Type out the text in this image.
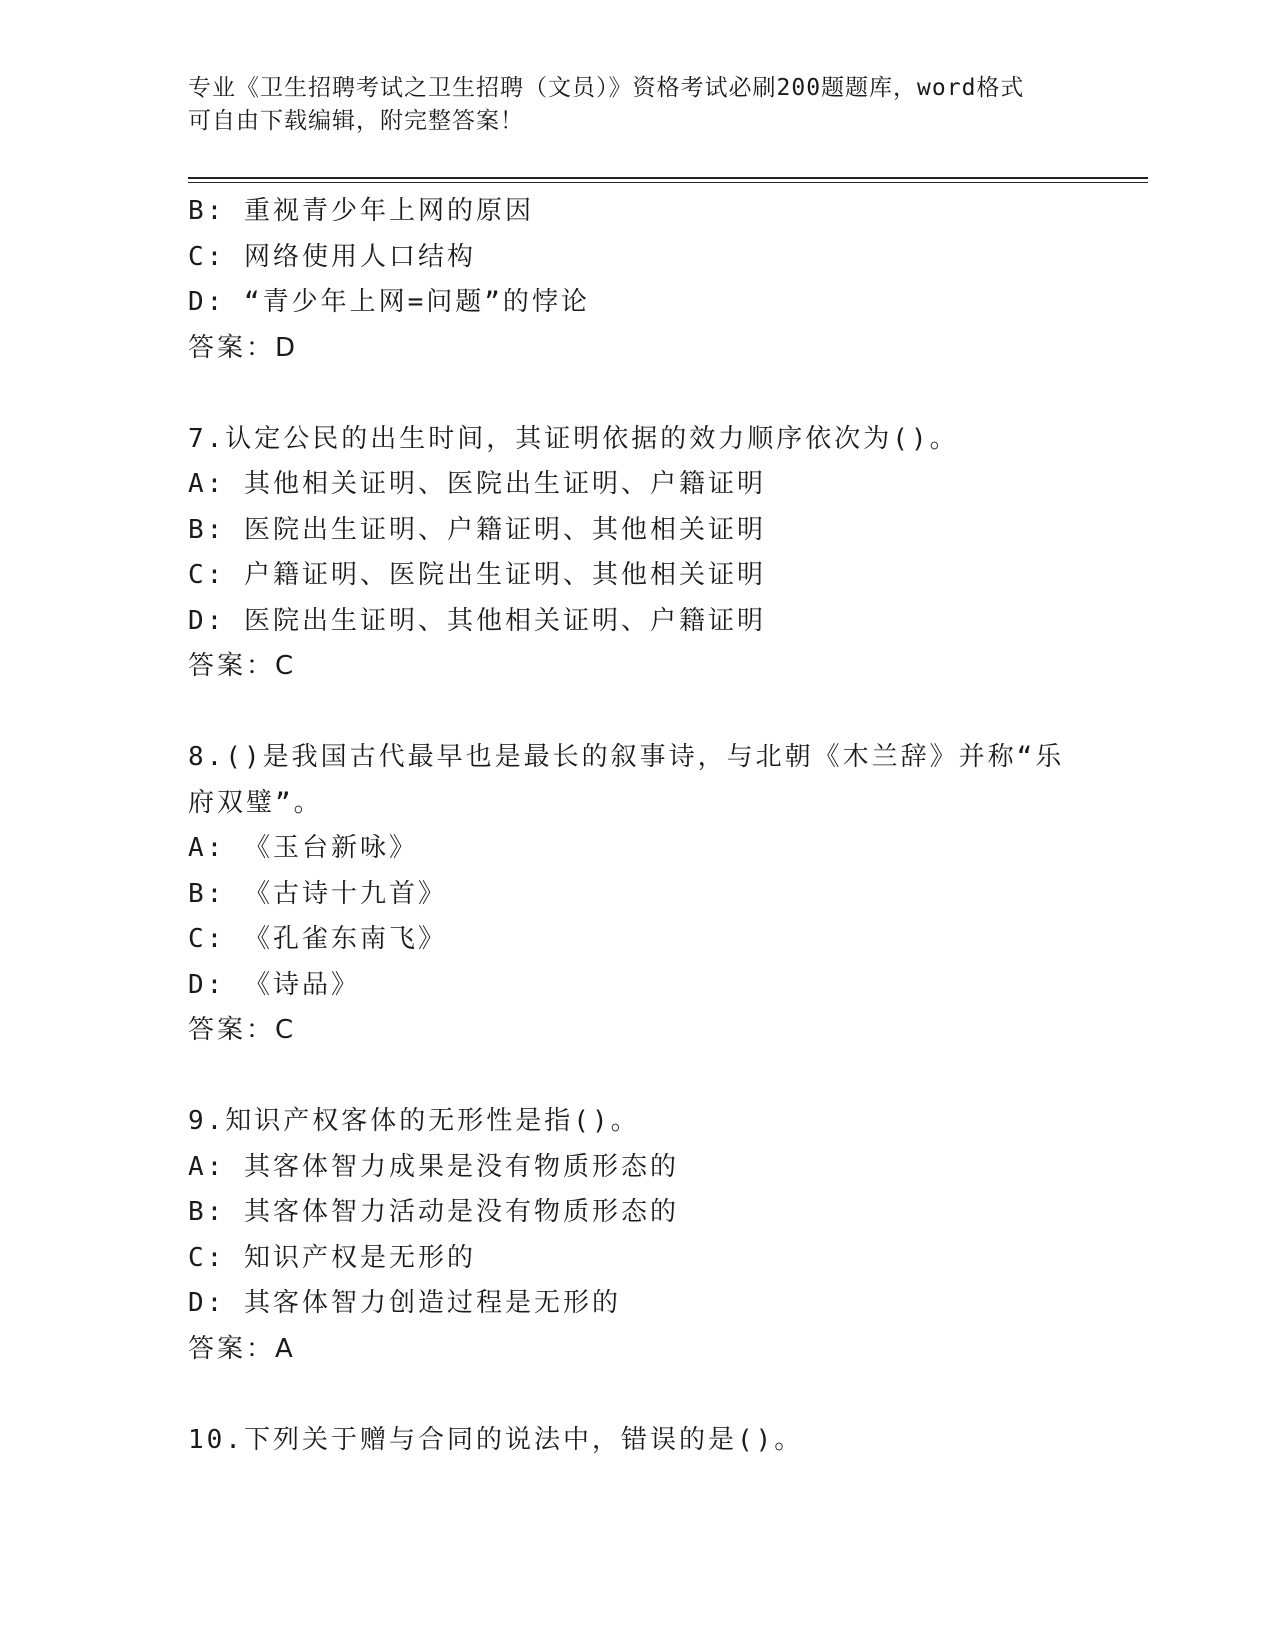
专业《卫生招聘考试之卫生招聘（文员）》资格考试必刷200题题库，word格式
可自由下载编辑，附完整答案！
B: 重视青少年上网的原因
C: 网络使用人口结构
D: “青少年上网=问题”的悖论
答案：D
7.认定公民的出生时间，其证明依据的效力顺序依次为()。
A: 其他相关证明、医院出生证明、户籍证明
B: 医院出生证明、户籍证明、其他相关证明
C: 户籍证明、医院出生证明、其他相关证明
D: 医院出生证明、其他相关证明、户籍证明
答案：C
8.()是我国古代最早也是最长的叙事诗，与北朝《木兰辞》并称“乐
府双璧”。
A: 《玉台新咏》
B: 《古诗十九首》
C: 《孔雀东南飞》
D: 《诗品》
答案：C
9.知识产权客体的无形性是指()。
A: 其客体智力成果是没有物质形态的
B: 其客体智力活动是没有物质形态的
C: 知识产权是无形的
D: 其客体智力创造过程是无形的
答案：A
10.下列关于赠与合同的说法中，错误的是()。
